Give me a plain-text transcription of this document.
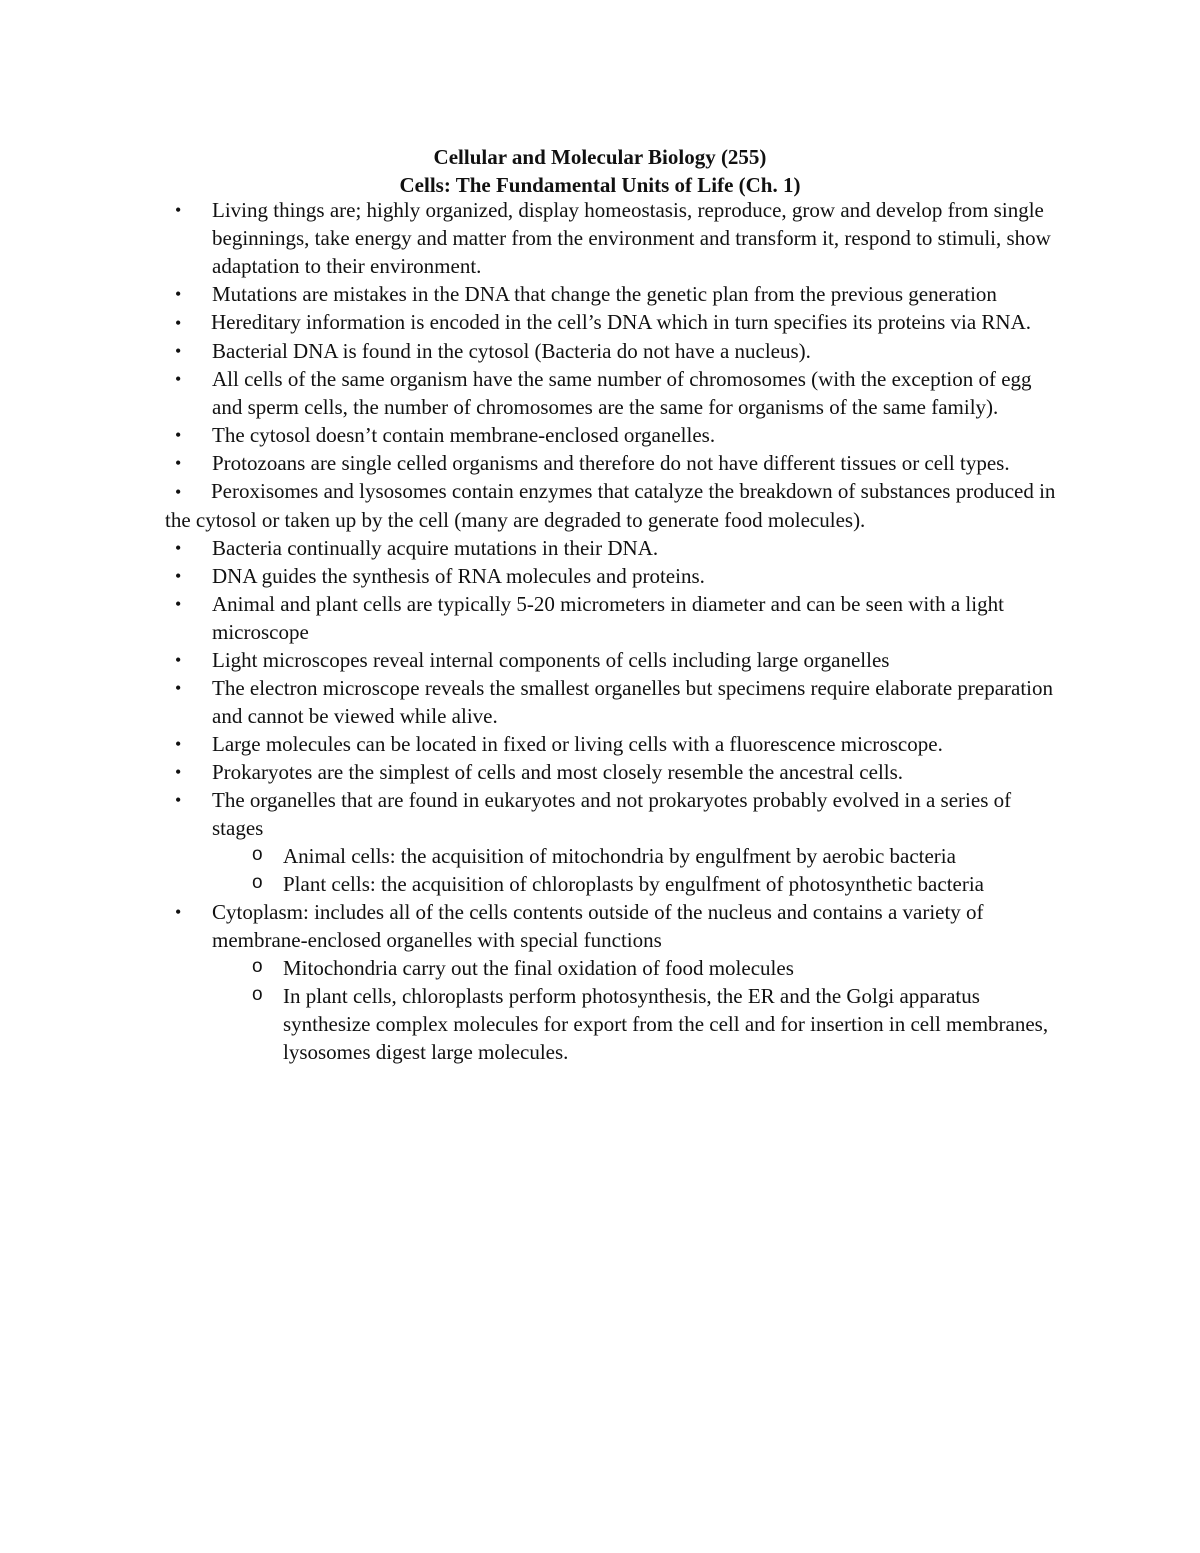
Cellular and Molecular Biology (255)
Cells: The Fundamental Units of Life (Ch. 1)
• Living things are; highly organized, display homeostasis, reproduce, grow and develop from single beginnings, take energy and matter from the environment and transform it, respond to stimuli, show adaptation to their environment.
• Mutations are mistakes in the DNA that change the genetic plan from the previous generation
• Hereditary information is encoded in the cell’s DNA which in turn specifies its proteins via RNA.
• Bacterial DNA is found in the cytosol (Bacteria do not have a nucleus).
• All cells of the same organism have the same number of chromosomes (with the exception of egg and sperm cells, the number of chromosomes are the same for organisms of the same family).
• The cytosol doesn’t contain membrane-enclosed organelles.
• Protozoans are single celled organisms and therefore do not have different tissues or cell types.
• Peroxisomes and lysosomes contain enzymes that catalyze the breakdown of substances produced in the cytosol or taken up by the cell (many are degraded to generate food molecules).
• Bacteria continually acquire mutations in their DNA.
• DNA guides the synthesis of RNA molecules and proteins.
• Animal and plant cells are typically 5-20 micrometers in diameter and can be seen with a light microscope
• Light microscopes reveal internal components of cells including large organelles
• The electron microscope reveals the smallest organelles but specimens require elaborate preparation and cannot be viewed while alive.
• Large molecules can be located in fixed or living cells with a fluorescence microscope.
• Prokaryotes are the simplest of cells and most closely resemble the ancestral cells.
• The organelles that are found in eukaryotes and not prokaryotes probably evolved in a series of stages
o Animal cells: the acquisition of mitochondria by engulfment by aerobic bacteria
o Plant cells: the acquisition of chloroplasts by engulfment of photosynthetic bacteria
• Cytoplasm: includes all of the cells contents outside of the nucleus and contains a variety of membrane-enclosed organelles with special functions
o Mitochondria carry out the final oxidation of food molecules
o In plant cells, chloroplasts perform photosynthesis, the ER and the Golgi apparatus synthesize complex molecules for export from the cell and for insertion in cell membranes, lysosomes digest large molecules.
